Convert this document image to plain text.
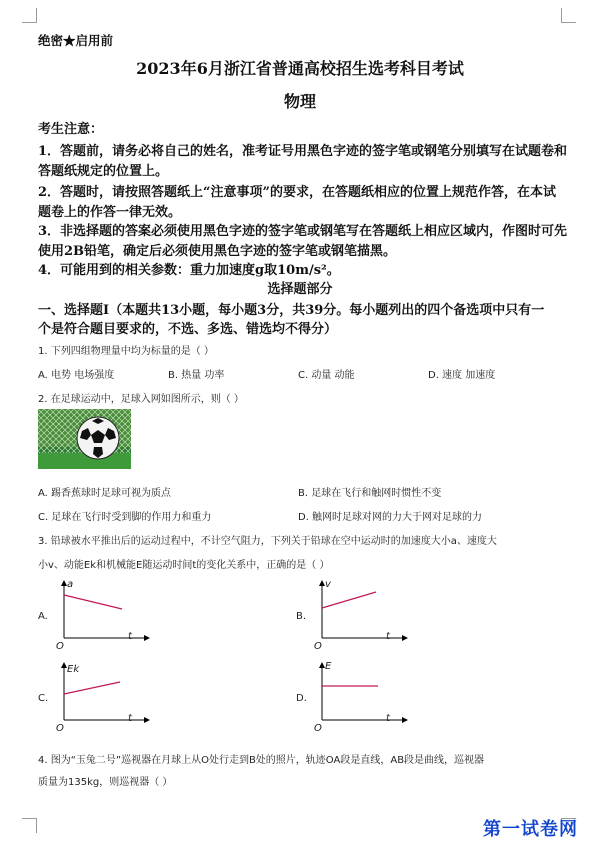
绝密★启用前
2023年6月浙江省普通高校招生选考科目考试
物理
考生注意：
1．答题前，请务必将自己的姓名，准考证号用黑色字迹的签字笔或钢笔分别填写在试题卷和
答题纸规定的位置上。
2．答题时，请按照答题纸上“注意事项”的要求，在答题纸相应的位置上规范作答，在本试
题卷上的作答一律无效。
3．非选择题的答案必须使用黑色字迹的签字笔或钢笔写在答题纸上相应区域内，作图时可先
使用2B铅笔，确定后必须使用黑色字迹的签字笔或钢笔描黑。
4．可能用到的相关参数：重力加速度g取10m/s²。
选择题部分
一、选择题Ⅰ（本题共13小题，每小题3分，共39分。每小题列出的四个备选项中只有一
个是符合题目要求的，不选、多选、错选均不得分）
1. 下列四组物理量中均为标量的是（ ）
A. 电势 电场强度	B. 热量 功率	C. 动量 动能	D. 速度 加速度
2. 在足球运动中，足球入网如图所示，则（ ）
A. 踢香蕉球时足球可视为质点	B. 足球在飞行和触网时惯性不变
C. 足球在飞行时受到脚的作用力和重力	D. 触网时足球对网的力大于网对足球的力
3. 铅球被水平推出后的运动过程中，不计空气阻力，下列关于铅球在空中运动时的加速度大小a、速度大
小v、动能Ek和机械能E随运动时间t的变化关系中，正确的是（ ）
A.
a
t
O
B.
v
t
O
C.
Ek
t
O
D.
E
t
O
4. 图为“玉兔二号”巡视器在月球上从O处行走到B处的照片，轨迹OA段是直线，AB段是曲线，巡视器
质量为135kg，则巡视器（ ）
第一试卷网
